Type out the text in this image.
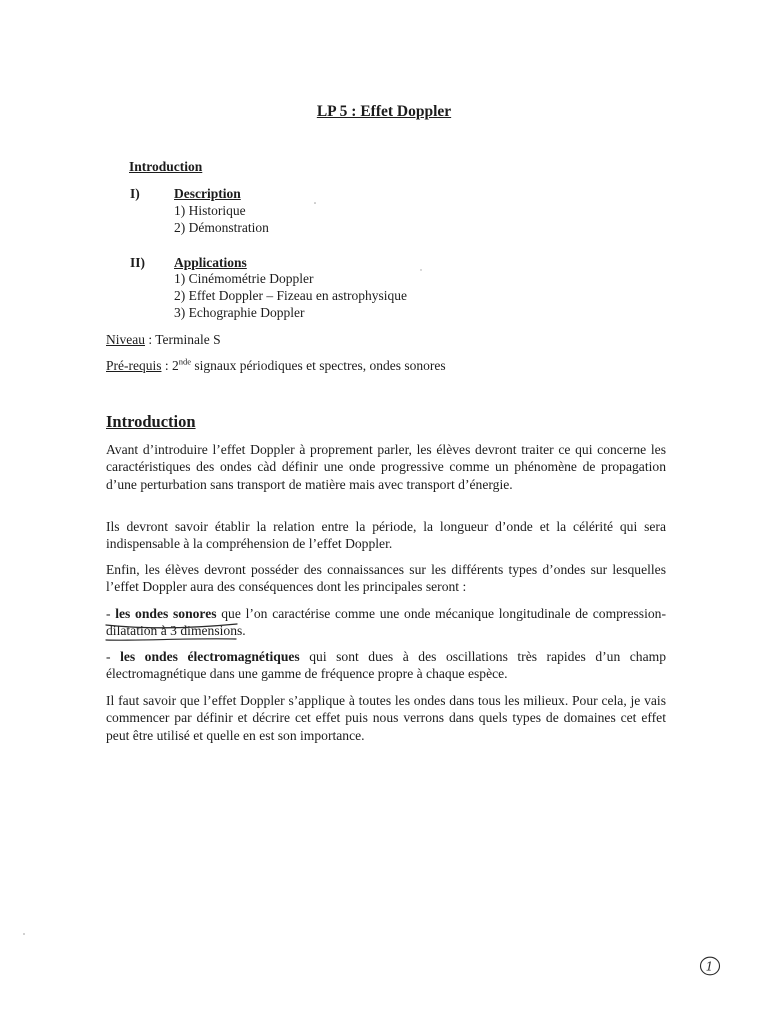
LP 5 : Effet Doppler
Introduction
I)	Description
1) Historique
2) Démonstration
II) Applications
1) Cinémométrie Doppler
2) Effet Doppler – Fizeau en astrophysique
3) Echographie Doppler
Niveau : Terminale S
Pré-requis : 2nde signaux périodiques et spectres, ondes sonores
Introduction
Avant d’introduire l’effet Doppler à proprement parler, les élèves devront traiter ce qui concerne les caractéristiques des ondes càd définir une onde progressive comme un phénomène de propagation d’une perturbation sans transport de matière mais avec transport d’énergie.
Ils devront savoir établir la relation entre la période, la longueur d’onde et la célérité qui sera indispensable à la compréhension de l’effet Doppler.
Enfin, les élèves devront posséder des connaissances sur les différents types d’ondes sur lesquelles l’effet Doppler aura des conséquences dont les principales seront :
- les ondes sonores que l’on caractérise comme une onde mécanique longitudinale de compression-dilatation à 3 dimensions.
- les ondes électromagnétiques qui sont dues à des oscillations très rapides d’un champ électromagnétique dans une gamme de fréquence propre à chaque espèce.
Il faut savoir que l’effet Doppler s’applique à toutes les ondes dans tous les milieux. Pour cela, je vais commencer par définir et décrire cet effet puis nous verrons dans quels types de domaines cet effet peut être utilisé et quelle en est son importance.
1
